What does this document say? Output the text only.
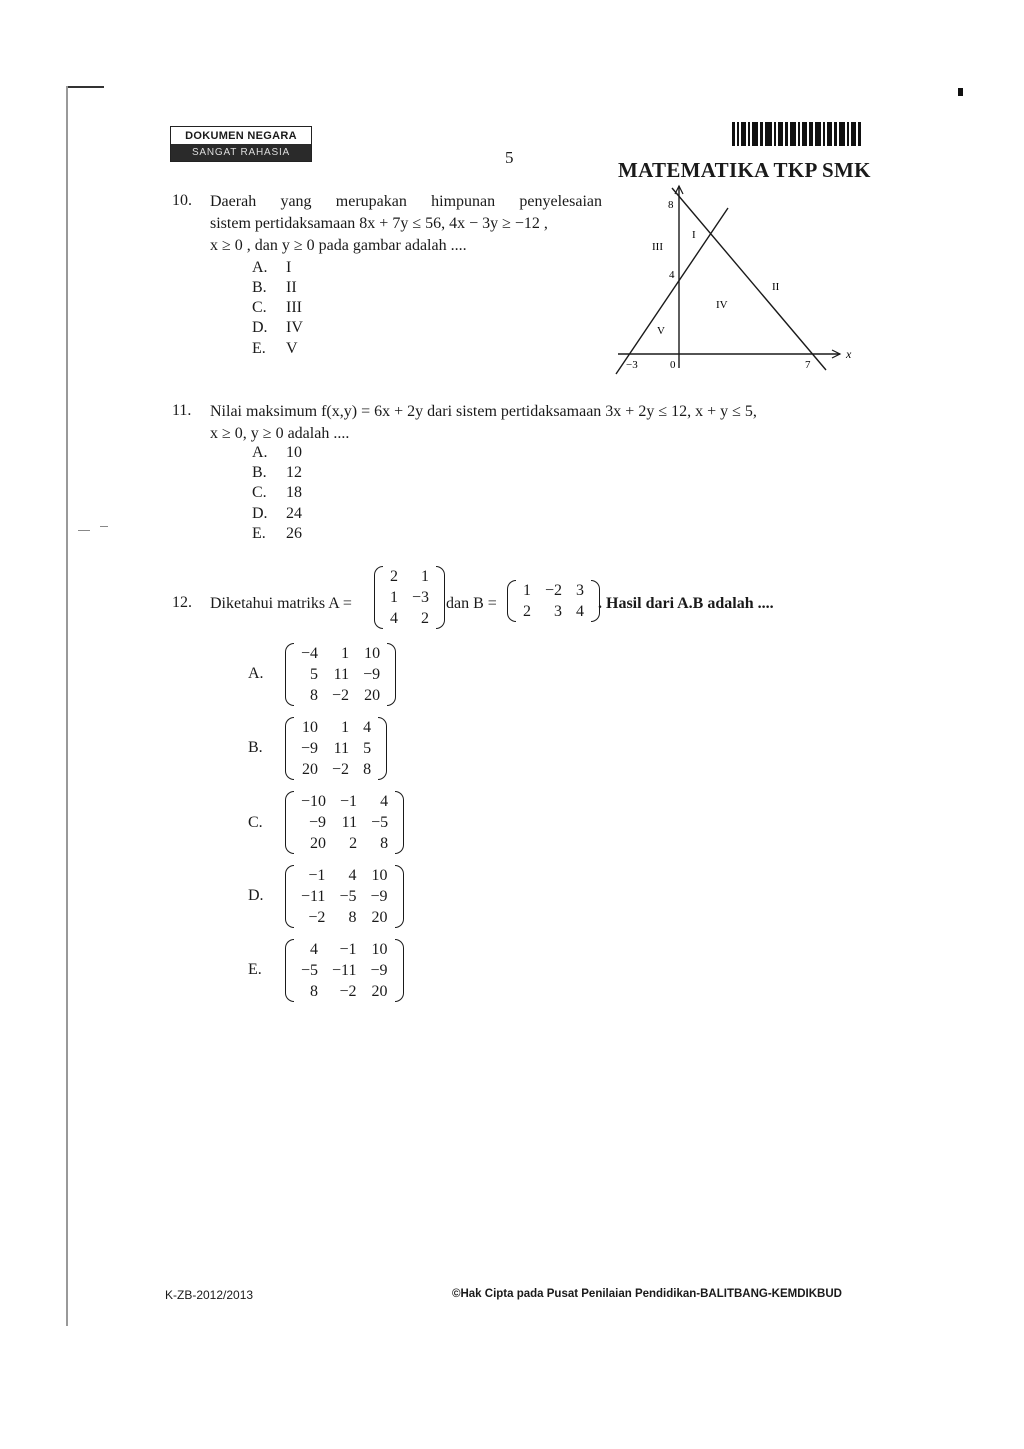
DOKUMEN NEGARA
SANGAT RAHASIA	5
MATEMATIKA TKP SMK
10. Daerah yang merupakan himpunan penyelesaian
sistem pertidaksamaan 8x + 7y ≤ 56, 4x − 3y ≥ −12 ,
x ≥ 0 , dan y ≥ 0 pada gambar adalah ....
A. I
B. II
C. III
D. IV
E. V
8
4
−3	0	7
x
I
II
III
IV
V
11. Nilai maksimum f(x,y) = 6x + 2y dari sistem pertidaksamaan 3x + 2y ≤ 12, x + y ≤ 5,
x ≥ 0, y ≥ 0 adalah ....
A. 10
B. 12
C. 18
D. 24
E. 26
12. Diketahui matriks A =
2	1
1	−3
4	2
dan B =
1	−2	3
2	3	4 . Hasil dari A.B adalah ....
A.
−4	1	10
5	11	−9
8	−2	20
B.
10	1	4
−9	11	5
20	−2	8
C.
−10	−1	4
−9	11	−5
20	2	8
D.
−1	4	10
−11	−5	−9
−2	8	20
E.
4	−1	10
−5	−11	−9
8	−2	20
K-ZB-2012/2013	©Hak Cipta pada Pusat Penilaian Pendidikan-BALITBANG-KEMDIKBUD
